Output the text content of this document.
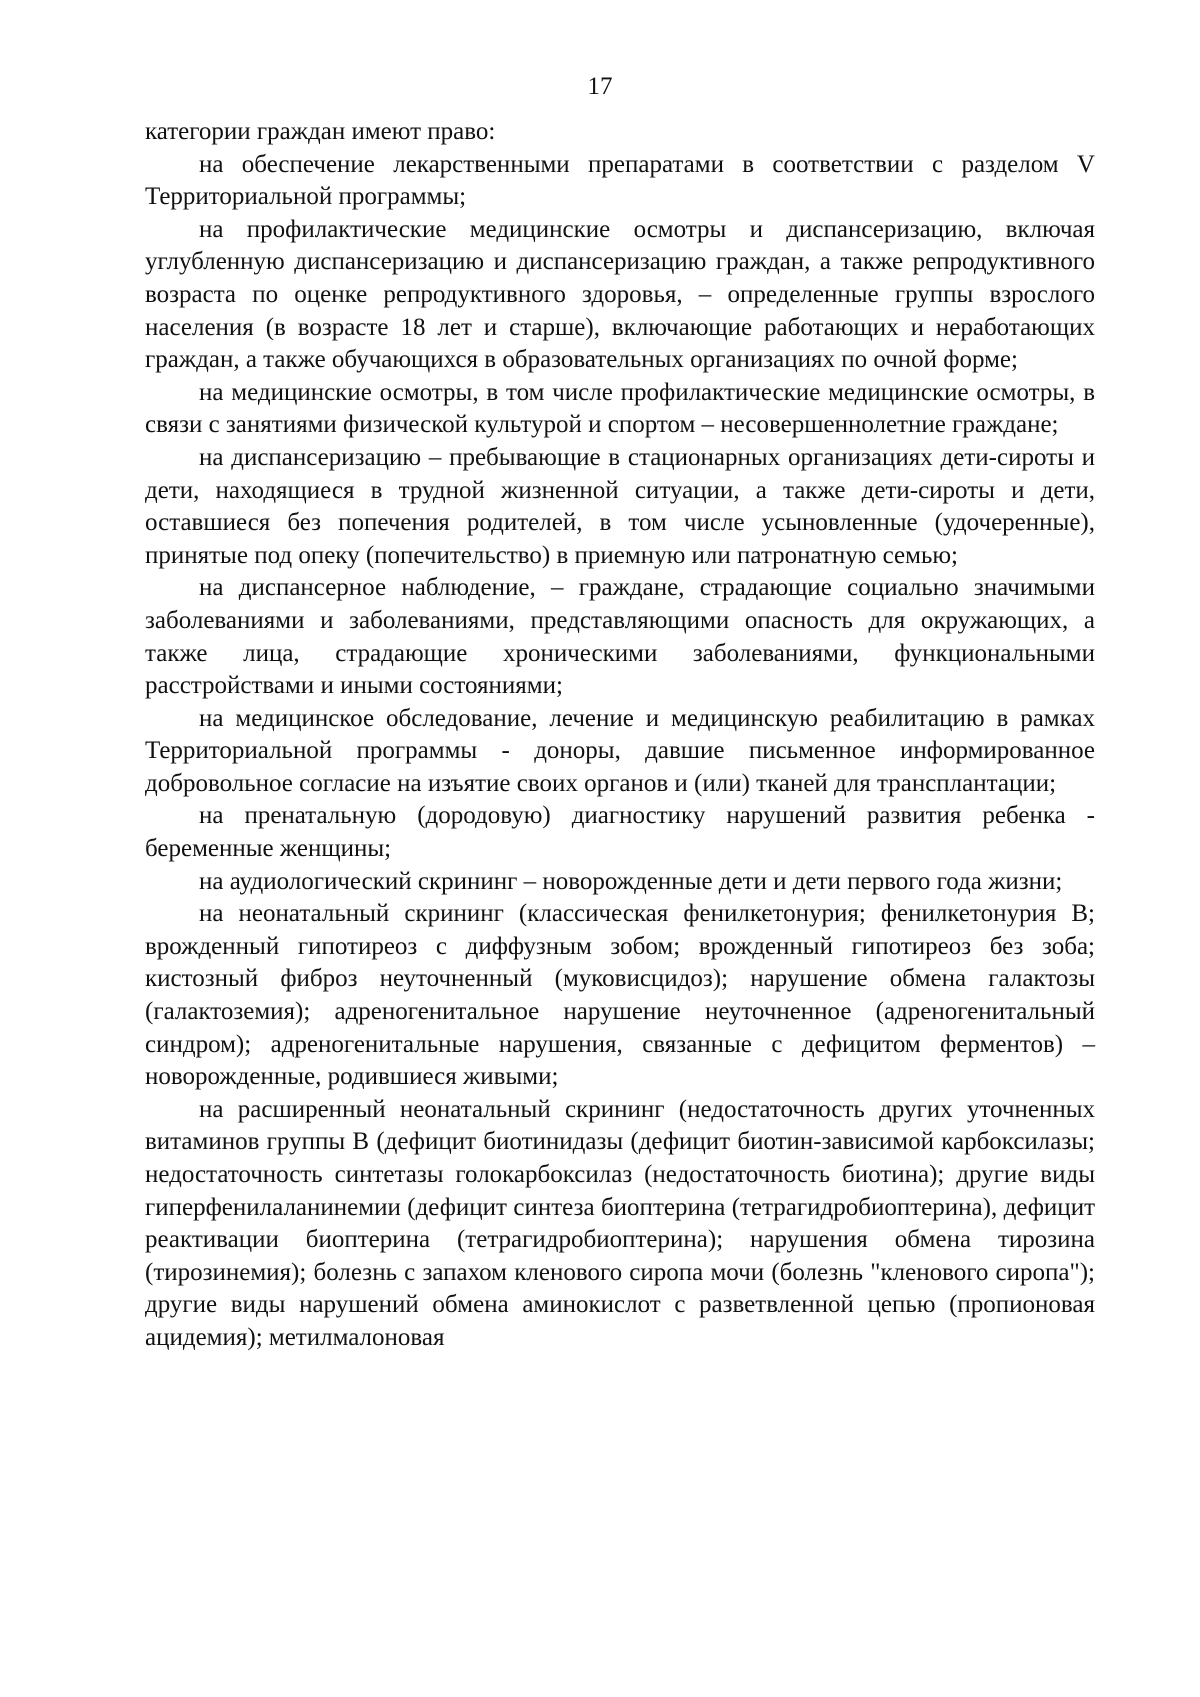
17

категории граждан имеют право:

на обеспечение лекарственными препаратами в соответствии с разделом V Территориальной программы;

на профилактические медицинские осмотры и диспансеризацию, включая углубленную диспансеризацию и диспансеризацию граждан, а также репродуктивного возраста по оценке репродуктивного здоровья, – определенные группы взрослого населения (в возрасте 18 лет и старше), включающие работающих и неработающих граждан, а также обучающихся в образовательных организациях по очной форме;

на медицинские осмотры, в том числе профилактические медицинские осмотры, в связи с занятиями физической культурой и спортом – несовершеннолетние граждане;

на диспансеризацию – пребывающие в стационарных организациях дети-сироты и дети, находящиеся в трудной жизненной ситуации, а также дети-сироты и дети, оставшиеся без попечения родителей, в том числе усыновленные (удочеренные), принятые под опеку (попечительство) в приемную или патронатную семью;

на диспансерное наблюдение, – граждане, страдающие социально значимыми заболеваниями и заболеваниями, представляющими опасность для окружающих, а также лица, страдающие хроническими заболеваниями, функциональными расстройствами и иными состояниями;

на медицинское обследование, лечение и медицинскую реабилитацию в рамках Территориальной программы - доноры, давшие письменное информированное добровольное согласие на изъятие своих органов и (или) тканей для трансплантации;

на пренатальную (дородовую) диагностику нарушений развития ребенка - беременные женщины;

на аудиологический скрининг – новорожденные дети и дети первого года жизни;

на неонатальный скрининг (классическая фенилкетонурия; фенилкетонурия B; врожденный гипотиреоз с диффузным зобом; врожденный гипотиреоз без зоба; кистозный фиброз неуточненный (муковисцидоз); нарушение обмена галактозы (галактоземия); адреногенитальное нарушение неуточненное (адреногенитальный синдром); адреногенитальные нарушения, связанные с дефицитом ферментов) – новорожденные, родившиеся живыми;

на расширенный неонатальный скрининг (недостаточность других уточненных витаминов группы B (дефицит биотинидазы (дефицит биотин-зависимой карбоксилазы; недостаточность синтетазы голокарбоксилаз (недостаточность биотина); другие виды гиперфенилаланинемии (дефицит синтеза биоптерина (тетрагидробиоптерина), дефицит реактивации биоптерина (тетрагидробиоптерина); нарушения обмена тирозина (тирозинемия); болезнь с запахом кленового сиропа мочи (болезнь "кленового сиропа"); другие виды нарушений обмена аминокислот с разветвленной цепью (пропионовая ацидемия); метилмалоновая
